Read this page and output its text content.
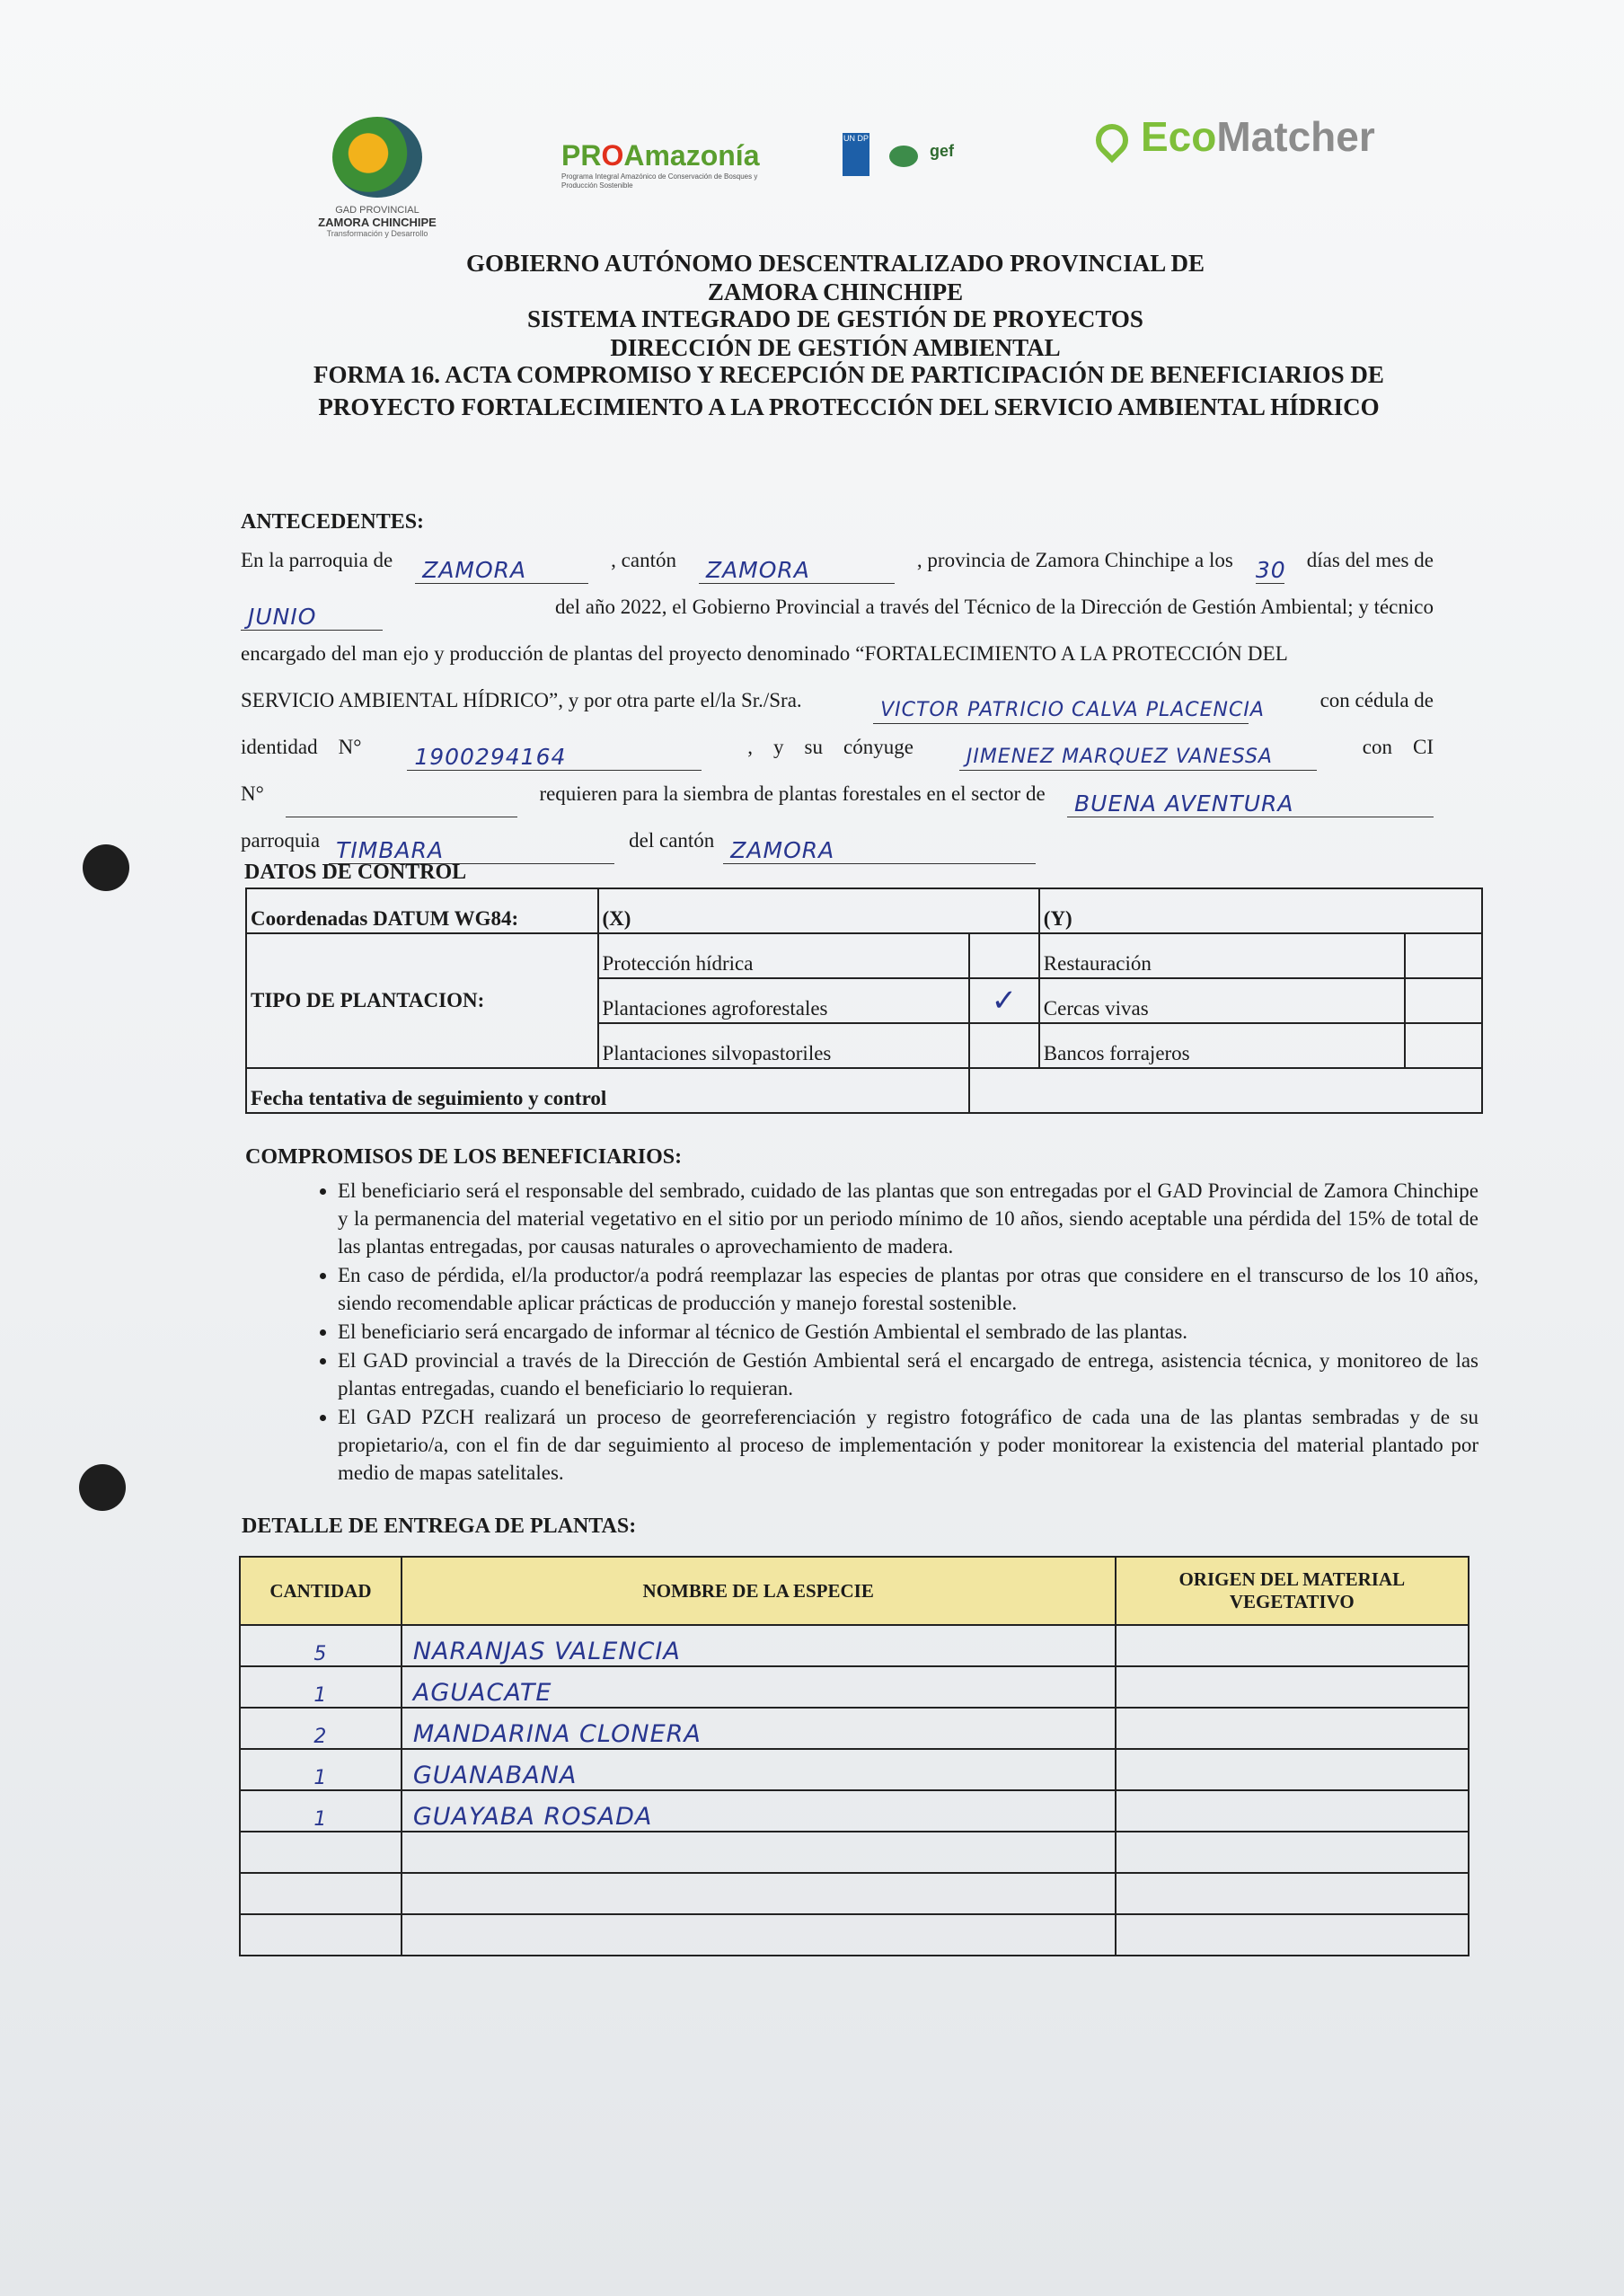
GAD PROVINCIAL
ZAMORA CHINCHIPE
Transformación y Desarrollo
PROAmazonía
Programa Integral Amazónico de Conservación de Bosques y Producción Sostenible
UN DP
gef	EcoMatcher
GOBIERNO AUTÓNOMO DESCENTRALIZADO PROVINCIAL DE
ZAMORA CHINCHIPE
SISTEMA INTEGRADO DE GESTIÓN DE PROYECTOS
DIRECCIÓN DE GESTIÓN AMBIENTAL
FORMA 16. ACTA COMPROMISO Y RECEPCIÓN DE PARTICIPACIÓN DE BENEFICIARIOS DE
PROYECTO FORTALECIMIENTO A LA PROTECCIÓN DEL SERVICIO AMBIENTAL HÍDRICO
ANTECEDENTES:
En la parroquia de	ZAMORA	, cantón	ZAMORA	, provincia de Zamora Chinchipe a los 30 días del mes de
JUNIO	del año 2022, el Gobierno Provincial a través del Técnico de la Dirección de Gestión Ambiental; y técnico
encargado del man ejo y producción de plantas del proyecto denominado “FORTALECIMIENTO A LA PROTECCIÓN DEL
SERVICIO AMBIENTAL HÍDRICO”, y por otra parte el/la Sr./Sra.	VICTOR PATRICIO CALVA PLACENCIA	con cédula de
identidad    N°	1900294164	,    y    su    cónyuge	JIMENEZ MARQUEZ VANESSA	con    CI
N°	requieren para la siembra de plantas forestales en el sector de	BUENA AVENTURA
parroquia TIMBARA	del cantón ZAMORA
DATOS DE CONTROL
Coordenadas DATUM WG84:	(X)		(Y)	
TIPO DE PLANTACION:	Protección hídrica		Restauración	
	Plantaciones agroforestales	✓	Cercas vivas	
	Plantaciones silvopastoriles		Bancos forrajeros	
Fecha tentativa de seguimiento y control				
COMPROMISOS DE LOS BENEFICIARIOS:
• El beneficiario será el responsable del sembrado, cuidado de las plantas que son entregadas por el GAD Provincial de Zamora Chinchipe y la permanencia del material vegetativo en el sitio por un periodo mínimo de 10 años, siendo aceptable una pérdida del 15% de total de las plantas entregadas, por causas naturales o aprovechamiento de madera.
• En caso de pérdida, el/la productor/a podrá reemplazar las especies de plantas por otras que considere en el transcurso de los 10 años, siendo recomendable aplicar prácticas de producción y manejo forestal sostenible.
• El beneficiario será encargado de informar al técnico de Gestión Ambiental el sembrado de las plantas.
• El GAD provincial a través de la Dirección de Gestión Ambiental será el encargado de entrega, asistencia técnica, y monitoreo de las plantas entregadas, cuando el beneficiario lo requieran.
• El GAD PZCH realizará un proceso de georreferenciación y registro fotográfico de cada una de las plantas sembradas y de su propietario/a, con el fin de dar seguimiento al proceso de implementación y poder monitorear la existencia del material plantado por medio de mapas satelitales.
DETALLE DE ENTREGA DE PLANTAS:
CANTIDAD	NOMBRE DE LA ESPECIE	ORIGEN DEL MATERIAL VEGETATIVO
5	NARANJAS VALENCIA	
1	AGUACATE	
2	MANDARINA CLONERA	
1	GUANABANA	
1	GUAYABA ROSADA	
